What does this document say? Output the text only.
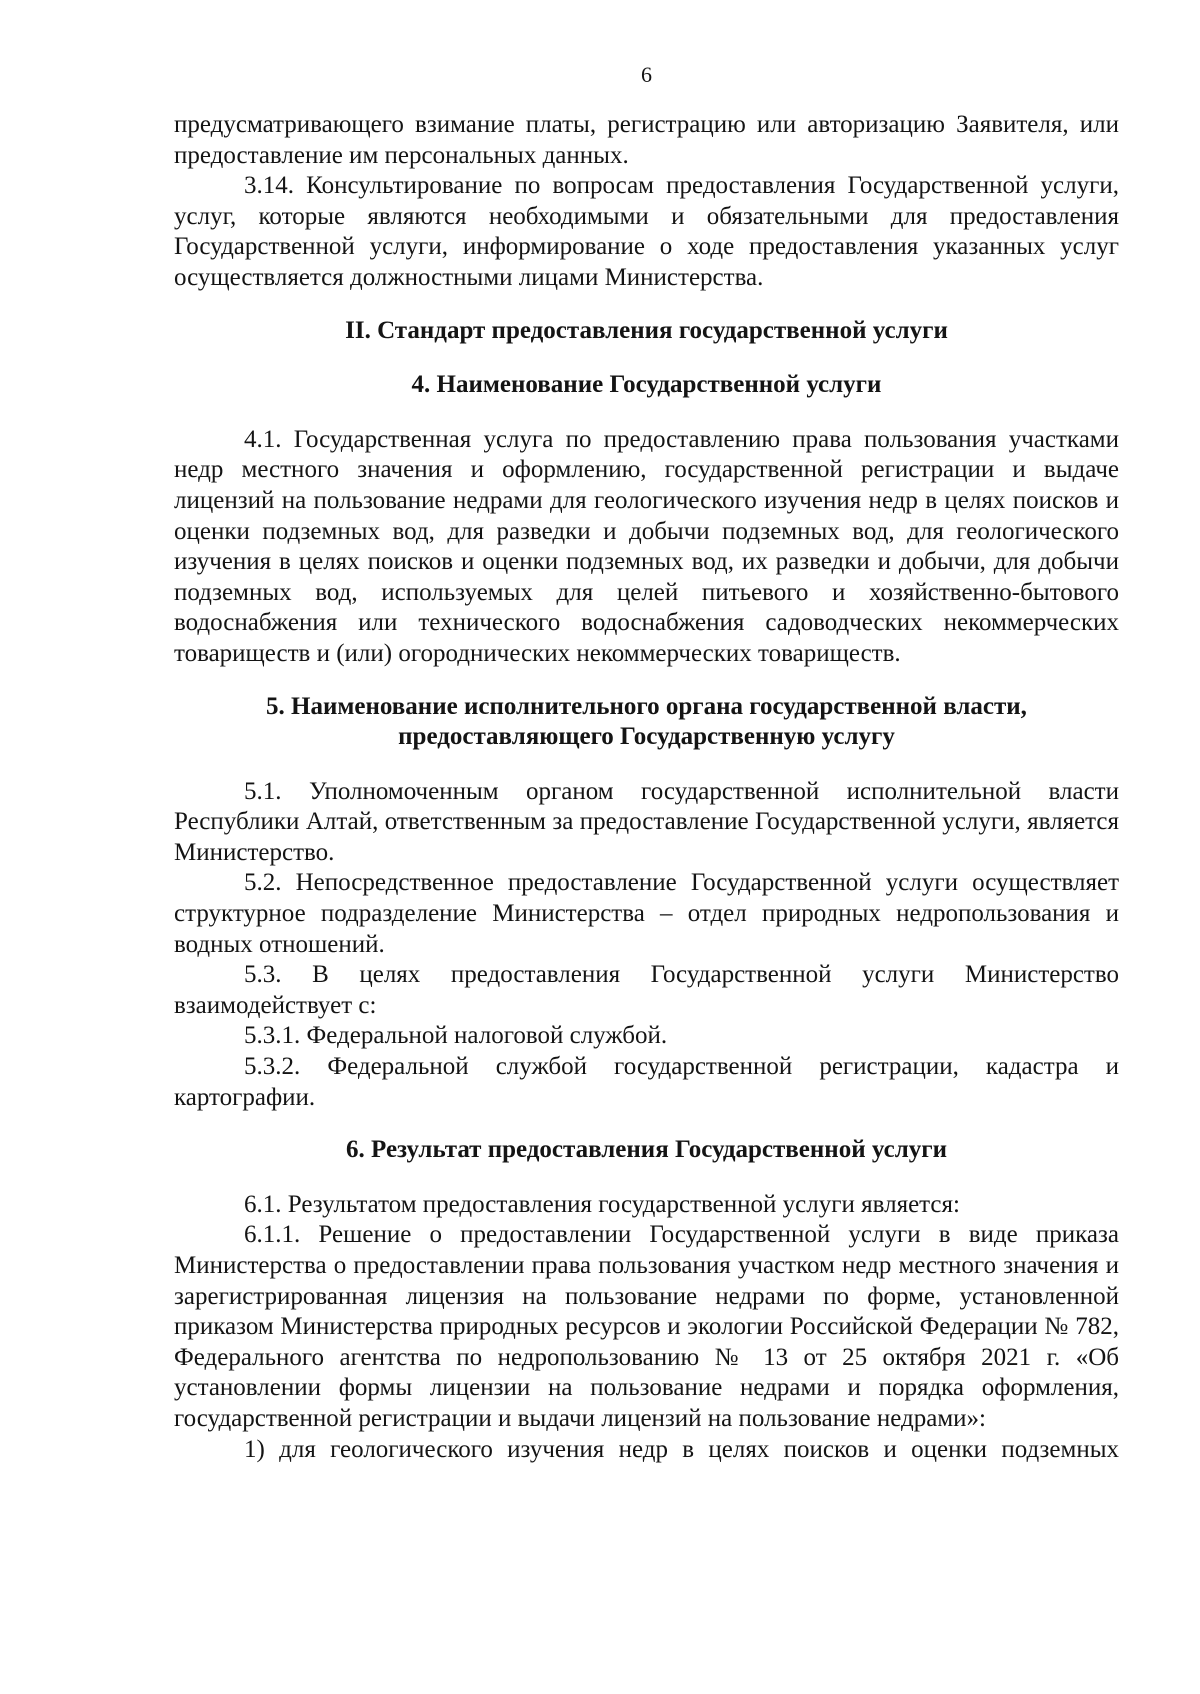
6

предусматривающего взимание платы, регистрацию или авторизацию Заявителя, или предоставление им персональных данных.

3.14. Консультирование по вопросам предоставления Государственной услуги, услуг, которые являются необходимыми и обязательными для предоставления Государственной услуги, информирование о ходе предоставления указанных услуг осуществляется должностными лицами Министерства.

II. Стандарт предоставления государственной услуги
4. Наименование Государственной услуги

4.1. Государственная услуга по предоставлению права пользования участками недр местного значения и оформлению, государственной регистрации и выдаче лицензий на пользование недрами для геологического изучения недр в целях поисков и оценки подземных вод, для разведки и добычи подземных вод, для геологического изучения в целях поисков и оценки подземных вод, их разведки и добычи, для добычи подземных вод, используемых для целей питьевого и хозяйственно-бытового водоснабжения или технического водоснабжения садоводческих некоммерческих товариществ и (или) огороднических некоммерческих товариществ.

5. Наименование исполнительного органа государственной власти,
предоставляющего Государственную услугу

5.1. Уполномоченным органом государственной исполнительной власти Республики Алтай, ответственным за предоставление Государственной услуги, является Министерство.

5.2. Непосредственное предоставление Государственной услуги осуществляет структурное подразделение Министерства – отдел природных недропользования и водных отношений.

5.3. В целях предоставления Государственной услуги Министерство взаимодействует с:

5.3.1. Федеральной налоговой службой.

5.3.2. Федеральной службой государственной регистрации, кадастра и картографии.

6. Результат предоставления Государственной услуги

6.1. Результатом предоставления государственной услуги является:

6.1.1. Решение о предоставлении Государственной услуги в виде приказа Министерства о предоставлении права пользования участком недр местного значения и зарегистрированная лицензия на пользование недрами по форме, установленной приказом Министерства природных ресурсов и экологии Российской Федерации № 782, Федерального агентства по недропользованию № 13 от 25 октября 2021 г. «Об установлении формы лицензии на пользование недрами и порядка оформления, государственной регистрации и выдачи лицензий на пользование недрами»:

1) для геологического изучения недр в целях поисков и оценки подземных
